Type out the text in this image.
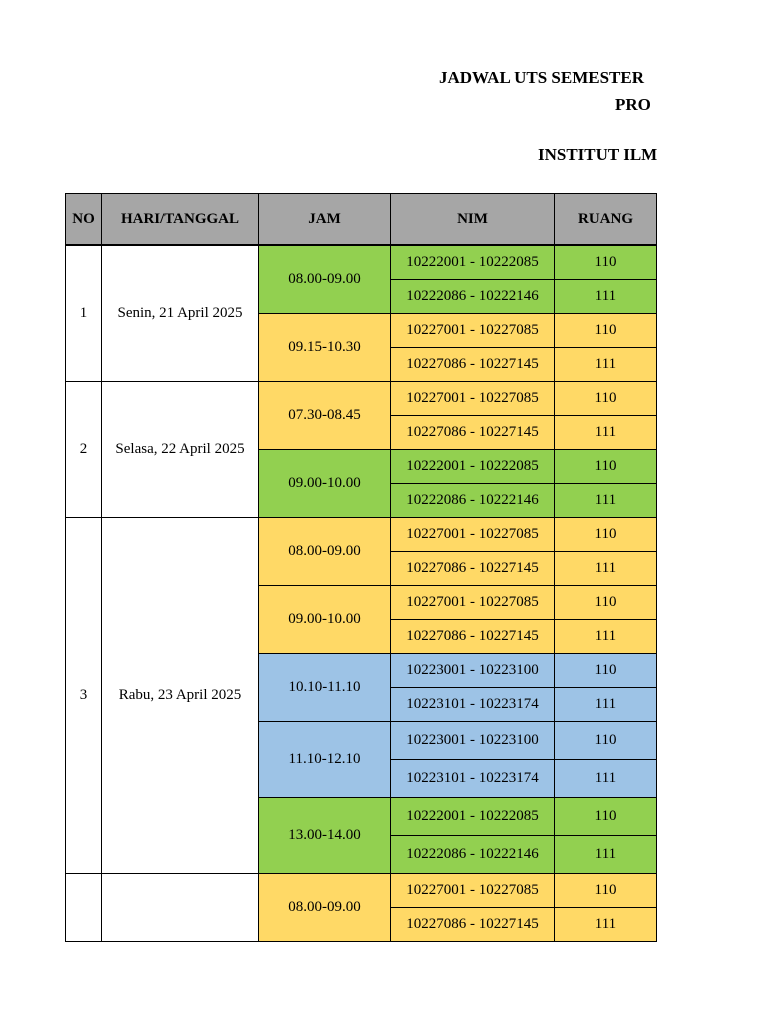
JADWAL UTS SEMESTER
PRO
INSTITUT ILM
NO	HARI/TANGGAL	JAM	NIM	RUANG
1	Senin, 21 April 2025	08.00-09.00	10222001 - 10222085	110
			10222086 - 10222146	111
		09.15-10.30	10227001 - 10227085	110
			10227086 - 10227145	111
2	Selasa, 22 April 2025	07.30-08.45	10227001 - 10227085	110
			10227086 - 10227145	111
		09.00-10.00	10222001 - 10222085	110
			10222086 - 10222146	111
3	Rabu, 23 April 2025	08.00-09.00	10227001 - 10227085	110
			10227086 - 10227145	111
		09.00-10.00	10227001 - 10227085	110
			10227086 - 10227145	111
		10.10-11.10	10223001 - 10223100	110
			10223101 - 10223174	111
		11.10-12.10	10223001 - 10223100	110
			10223101 - 10223174	111
		13.00-14.00	10222001 - 10222085	110
			10222086 - 10222146	111
		08.00-09.00	10227001 - 10227085	110
			10227086 - 10227145	111
